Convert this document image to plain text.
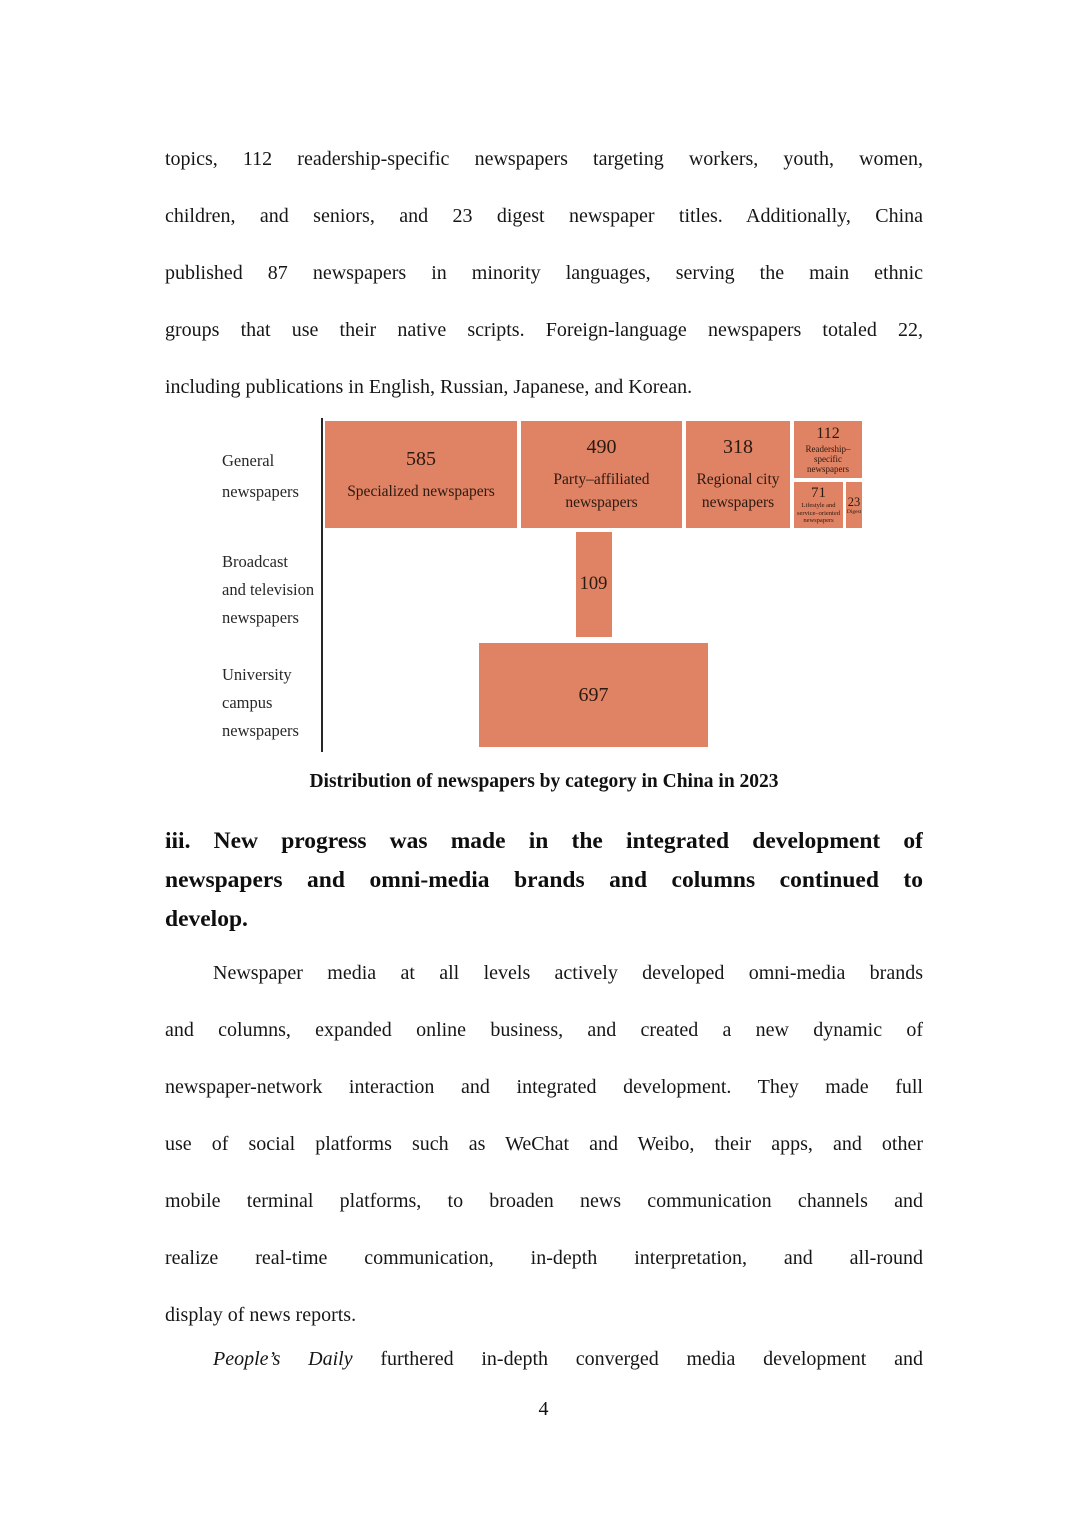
topics, 112 readership-specific newspapers targeting workers, youth, women,
children, and seniors, and 23 digest newspaper titles. Additionally, China
published 87 newspapers in minority languages, serving the main ethnic
groups that use their native scripts. Foreign-language newspapers totaled 22,
including publications in English, Russian, Japanese, and Korean.
General
newspapers
Broadcast
and television
newspapers
University
campus
newspapers
585
Specialized newspapers
490
Party–affiliated
newspapers
318
Regional city
newspapers
112
Readership–
specific
newspapers
71
Lifestyle and
service–oriented
newspapers
23
Digest
109
697
Distribution of newspapers by category in China in 2023
iii. New progress was made in the integrated development of
newspapers and omni-media brands and columns continued to
develop.
Newspaper media at all levels actively developed omni-media brands
and columns, expanded online business, and created a new dynamic of
newspaper-network interaction and integrated development. They made full
use of social platforms such as WeChat and Weibo, their apps, and other
mobile terminal platforms, to broaden news communication channels and
realize real-time communication, in-depth interpretation, and all-round
display of news reports.
People’s Daily furthered in-depth converged media development and
4
